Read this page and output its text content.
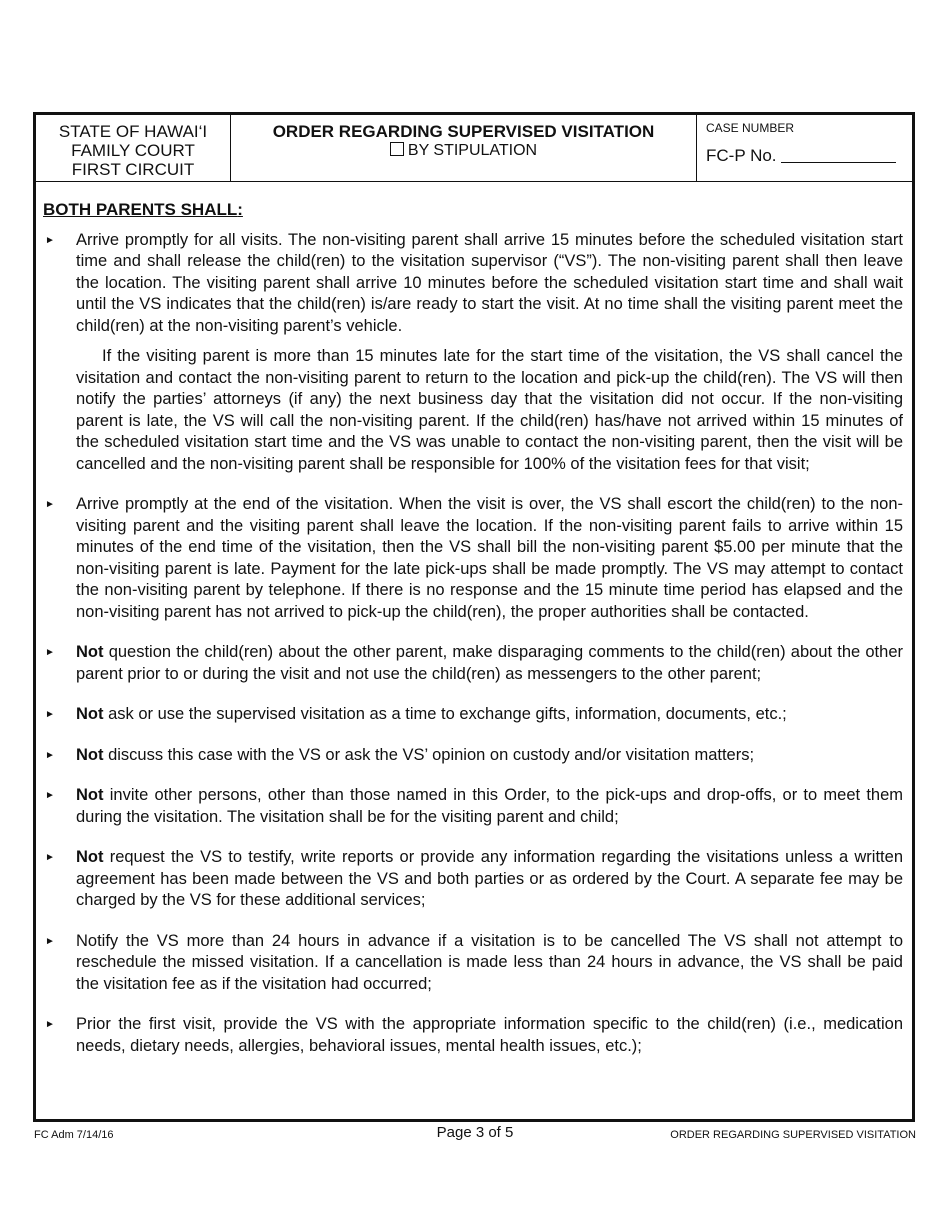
STATE OF HAWAI‘I
FAMILY COURT
FIRST CIRCUIT
ORDER REGARDING SUPERVISED VISITATION
BY STIPULATION
CASE NUMBER
FC-P No.
BOTH PARENTS SHALL:
► Arrive promptly for all visits. The non-visiting parent shall arrive 15 minutes before the scheduled visitation start time and shall release the child(ren) to the visitation supervisor (“VS”). The non-visiting parent shall then leave the location. The visiting parent shall arrive 10 minutes before the scheduled visitation start time and shall wait until the VS indicates that the child(ren) is/are ready to start the visit. At no time shall the visiting parent meet the child(ren) at the non-visiting parent’s vehicle.
If the visiting parent is more than 15 minutes late for the start time of the visitation, the VS shall cancel the visitation and contact the non-visiting parent to return to the location and pick-up the child(ren). The VS will then notify the parties’ attorneys (if any) the next business day that the visitation did not occur. If the non-visiting parent is late, the VS will call the non-visiting parent. If the child(ren) has/have not arrived within 15 minutes of the scheduled visitation start time and the VS was unable to contact the non-visiting parent, then the visit will be cancelled and the non-visiting parent shall be responsible for 100% of the visitation fees for that visit;
► Arrive promptly at the end of the visitation. When the visit is over, the VS shall escort the child(ren) to the non-visiting parent and the visiting parent shall leave the location. If the non-visiting parent fails to arrive within 15 minutes of the end time of the visitation, then the VS shall bill the non-visiting parent $5.00 per minute that the non-visiting parent is late. Payment for the late pick-ups shall be made promptly. The VS may attempt to contact the non-visiting parent by telephone. If there is no response and the 15 minute time period has elapsed and the non-visiting parent has not arrived to pick-up the child(ren), the proper authorities shall be contacted.
► Not question the child(ren) about the other parent, make disparaging comments to the child(ren) about the other parent prior to or during the visit and not use the child(ren) as messengers to the other parent;
► Not ask or use the supervised visitation as a time to exchange gifts, information, documents, etc.;
► Not discuss this case with the VS or ask the VS’ opinion on custody and/or visitation matters;
► Not invite other persons, other than those named in this Order, to the pick-ups and drop-offs, or to meet them during the visitation. The visitation shall be for the visiting parent and child;
► Not request the VS to testify, write reports or provide any information regarding the visitations unless a written agreement has been made between the VS and both parties or as ordered by the Court. A separate fee may be charged by the VS for these additional services;
► Notify the VS more than 24 hours in advance if a visitation is to be cancelled The VS shall not attempt to reschedule the missed visitation. If a cancellation is made less than 24 hours in advance, the VS shall be paid the visitation fee as if the visitation had occurred;
► Prior the first visit, provide the VS with the appropriate information specific to the child(ren) (i.e., medication needs, dietary needs, allergies, behavioral issues, mental health issues, etc.);
FC Adm 7/14/16	Page 3 of 5	ORDER REGARDING SUPERVISED VISITATION
